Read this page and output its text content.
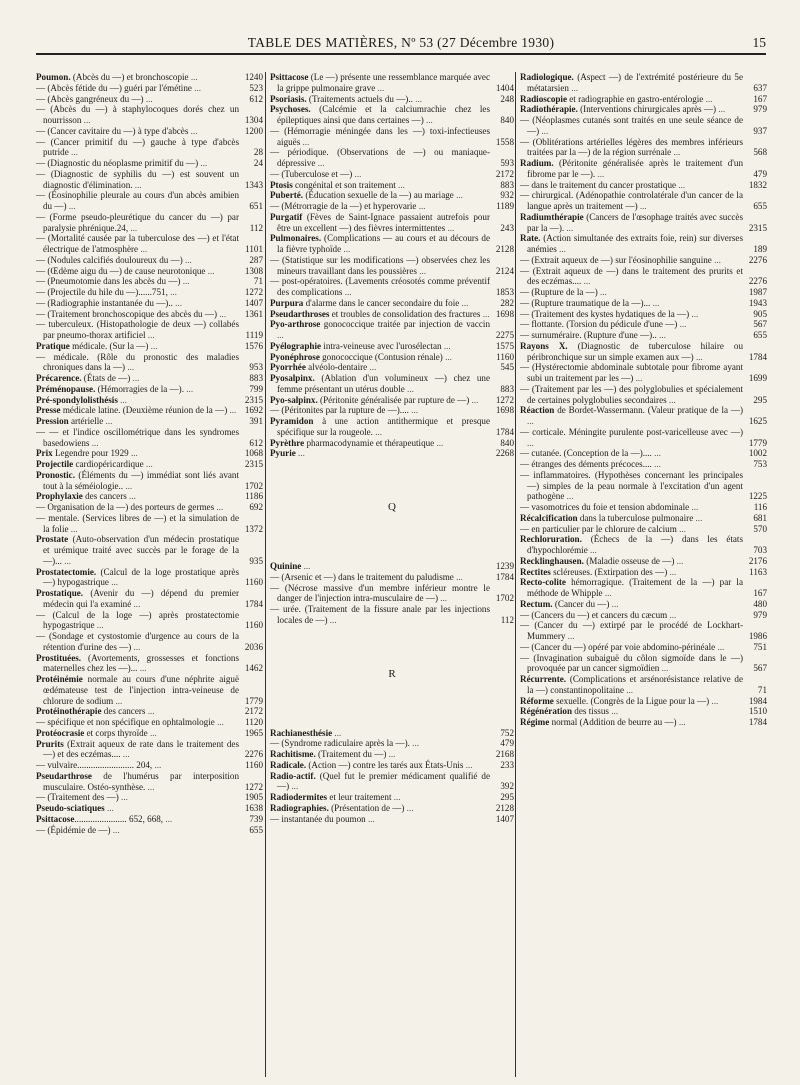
TABLE DES MATIÈRES, Nº 53 (27 Décembre 1930)	15
Poumon. (Abcès du —) et bronchoscopie ...	1240
— (Abcès fétide du —) guéri par l'émétine ...	523
— (Abcès gangréneux du —) ...	612
— (Abcès du —) à staphylocoques dorés chez un nourrisson ...	1304
— (Cancer cavitaire du —) à type d'abcès ...	1200
— (Cancer primitif du —) gauche à type d'abcès putride ...	28
— (Diagnostic du néoplasme primitif du —) ...	24
— (Diagnostic de syphilis du —) est souvent un diagnostic d'élimination. ...	1343
— (Éosinophilie pleurale au cours d'un abcès amibien du —) ...	651
— (Forme pseudo-pleurétique du cancer du —) par paralysie phrénique.24, ...	112
— (Mortalité causée par la tuberculose des —) et l'état électrique de l'atmosphère ...	1101
— (Nodules calcifiés douloureux du —) ...	287
— (Œdème aigu du —) de cause neurotonique ...	1308
— (Pneumotomie dans les abcès du —) ...	71
— (Projectile du hile du —)......751, ...	1272
— (Radiographie instantanée du —).. ...	1407
— (Traitement bronchoscopique des abcès du —) ... 1361
— tuberculeux. (Histopathologie de deux —) collabés par pneumo-thorax artificiel ...	1119
Pratique médicale. (Sur la —) ...	1576
— médicale. (Rôle du pronostic des maladies chroniques dans la —) ...	953
Précarence. (États de —) ...	883
Préménopause. (Hémorragies de la —). ...	799
Pré-spondylolisthésis ...	2315
Presse médicale latine. (Deuxième réunion de la —) ... 1692
Pression artérielle ...	391
— — et l'indice oscillométrique dans les syndromes basedowiens ...	612
Prix Legendre pour 1929 ...	1068
Projectile cardiopéricardique ...	2315
Pronostic. (Éléments du —) immédiat sont liés avant tout à la séméiologie.. ...	1702
Prophylaxie des cancers ...	1186
— Organisation de la —) des porteurs de germes ...	692
— mentale. (Services libres de —) et la simulation de la folie ...	1372
Prostate (Auto-observation d'un médecin prostatique et urémique traité avec succès par le forage de la —)... ...	935
Prostatectomie. (Calcul de la loge prostatique après —) hypogastrique ...	1160
Prostatique. (Avenir du —) dépend du premier médecin qui l'a examiné ...	1784
— (Calcul de la loge —) après prostatectomie hypogastrique ...	1160
— (Sondage et cystostomie d'urgence au cours de la rétention d'urine des —) ...	2036
Prostituées. (Avortements, grossesses et fonctions maternelles chez les —)... ...	1462
Protéinémie normale au cours d'une néphrite aiguë œdémateuse test de l'injection intra-veineuse de chlorure de sodium ...	1779
Protéinothérapie des cancers ...	2172
— spécifique et non spécifique en ophtalmologie ... 1120
Protéocrasie et corps thyroïde ...	1965
Prurits (Extrait aqueux de rate dans le traitement des —) et des eczémas.... ...	2276
— vulvaire......................... 204, ...	1160
Pseudarthrose de l'humérus par interposition musculaire. Ostéo-synthèse. ...	1272
— (Traitement des —) ...	1905
Pseudo-sciatiques ...	1638
Psittacose....................... 652, 668, ...	739
— (Épidémie de —) ...	655
Psittacose (Le —) présente une ressemblance marquée avec la grippe pulmonaire grave ...	1404
Psoriasis. (Traitements actuels du —).. ...	248
Psychoses. (Calcémie et la calciumrachie chez les épileptiques ainsi que dans certaines —) ...	840
— (Hémorragie méningée dans les —) toxi-infectieuses aiguës ...	1558
— périodique. (Observations de —) ou maniaque-dépressive ...	593
— (Tuberculose et —) ...	2172
Ptosis congénital et son traitement ...	883
Puberté. (Éducation sexuelle de la —) au mariage ...	932
— (Métrorragie de la —) et hyperovarie ...	1189
Purgatif (Fèves de Saint-Ignace passaient autrefois pour être un excellent —) des fièvres intermittentes ...	243
Pulmonaires. (Complications — au cours et au décours de la fièvre typhoïde ...	2128
— (Statistique sur les modifications —) observées chez les mineurs travaillant dans les poussières ...	2124
— post-opératoires. (Lavements créosotés comme préventif des complications ...	1853
Purpura d'alarme dans le cancer secondaire du foie ...	282
Pseudarthroses et troubles de consolidation des fractures ... 1698
Pyo-arthrose gonococcique traitée par injection de vaccin ...	2275
Pyélographie intra-veineuse avec l'urosélectan ...	1575
Pyonéphrose gonococcique (Contusion rénale) ...	1160
Pyorrhée alvéolo-dentaire ...	545
Pyosalpinx. (Ablation d'un volumineux —) chez une femme présentant un utérus double ...	883
Pyo-salpinx. (Péritonite généralisée par rupture de —) ... 1272
— (Péritonites par la rupture de —).... ...	1698
Pyramidon à une action antithermique et presque spécifique sur la rougeole. ...	1784
Pyrèthre pharmacodynamie et thérapeutique ...	840
Pyurie ...	2268
Q
Quinine ...	1239
— (Arsenic et —) dans le traitement du paludisme ...	1784
— (Nécrose massive d'un membre inférieur montre le danger de l'injection intra-musculaire de —) ...	1702
— urée. (Traitement de la fissure anale par les injections locales de —) ...	112
R
Rachianesthésie ...	752
— (Syndrome radiculaire après la —). ...	479
Rachitisme. (Traitement du —) ...	2168
Radicale. (Action —) contre les tarés aux États-Unis ...	233
Radio-actif. (Quel fut le premier médicament qualifié de —) ...	392
Radiodermites et leur traitement ...	295
Radiographies. (Présentation de —) ...	2128
— instantanée du poumon ...	1407
Radiologique. (Aspect —) de l'extrémité postérieure du 5e métatarsien ...	637
Radioscopie et radiographie en gastro-entérologie ...	167
Radiothérapie. (Interventions chirurgicales après —) ...	979
— (Néoplasmes cutanés sont traités en une seule séance de —) ...	937
— (Oblitérations artérielles légères des membres inférieurs traitées par la —) de la région surrénale ...	568
Radium. (Péritonite généralisée après le traitement d'un fibrome par le —). ...	479
— dans le traitement du cancer prostatique ...	1832
— chirurgical. (Adénopathie controlatérale d'un cancer de la langue après un traitement —) ...	655
Radiumthérapie (Cancers de l'œsophage traités avec succès par la —). ...	2315
Rate. (Action simultanée des extraits foie, rein) sur diverses anémies ...	189
— (Extrait aqueux de —) sur l'éosinophilie sanguine ...	2276
— (Extrait aqueux de —) dans le traitement des prurits et des eczémas.... ...	2276
— (Rupture de la —) ...	1987
— (Rupture traumatique de la —)... ...	1943
— (Traitement des kystes hydatiques de la —) ...	905
— flottante. (Torsion du pédicule d'une —) ...	567
— surnuméraire. (Rupture d'une —).. ...	655
Rayons X. (Diagnostic de tuberculose hilaire ou péribronchique sur un simple examen aux —) ...	1784
— (Hystérectomie abdominale subtotale pour fibrome ayant subi un traitement par les —) ...	1699
— (Traitement par les —) des polyglobulies et spécialement de certaines polyglobulies secondaires ...	295
Réaction de Bordet-Wassermann. (Valeur pratique de la —) ...	1625
— corticale. Méningite purulente post-varicelleuse avec —) ...	1779
— cutanée. (Conception de la —).... ...	1002
— étranges des déments précoces.... ...	753
— inflammatoires. (Hypothèses concernant les principales —) simples de la peau normale à l'excitation d'un agent pathogène ...	1225
— vasomotrices du foie et tension abdominale ...	116
Récalcification dans la tuberculose pulmonaire ...	681
— en particulier par le chlorure de calcium ...	570
Rechloruration. (Échecs de la —) dans les états d'hypochlorémie ...	703
Recklinghausen. (Maladie osseuse de —) ...	2176
Rectites scléreuses. (Extirpation des —) ...	1163
Recto-colite hémorragique. (Traitement de la —) par la méthode de Whipple ...	167
Rectum. (Cancer du —) ...	480
— (Cancers du —) et cancers du cæcum ...	979
— (Cancer du —) extirpé par le procédé de Lockhart-Mummery ...	1986
— (Cancer du —) opéré par voie abdomino-périnéale ...	751
— (Invagination subaiguë du côlon sigmoïde dans le —) provoquée par un cancer sigmoïdien ...	567
Récurrente. (Complications et arsénorésistance relative de la —) constantinopolitaine ...	71
Réforme sexuelle. (Congrès de la Ligue pour la —) ...	1984
Régénération des tissus ...	1510
Régime normal (Addition de beurre au —) ...	1784
